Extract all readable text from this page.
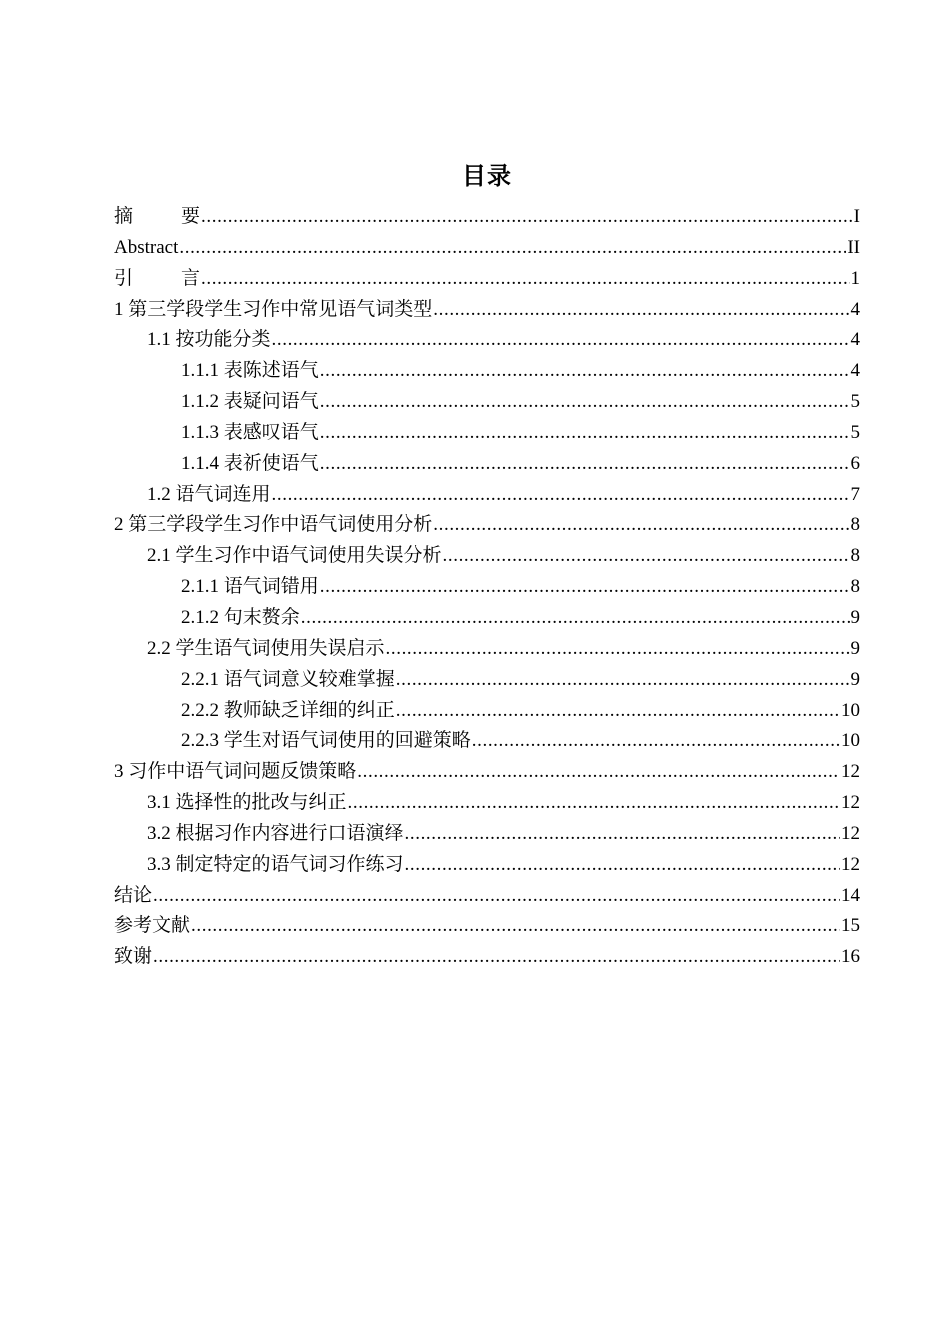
目录
摘	要 .....	I
Abstract .....	II
引	言 .....	1
1 第三学段学生习作中常见语气词类型 .....	4
1.1 按功能分类 .....	4
1.1.1 表陈述语气 .....	4
1.1.2 表疑问语气 .....	5
1.1.3 表感叹语气 .....	5
1.1.4 表祈使语气 .....	6
1.2 语气词连用 .....	7
2 第三学段学生习作中语气词使用分析 .....	8
2.1 学生习作中语气词使用失误分析 .....	8
2.1.1 语气词错用 .....	8
2.1.2 句末赘余 .....	9
2.2 学生语气词使用失误启示 .....	9
2.2.1 语气词意义较难掌握 .....	9
2.2.2 教师缺乏详细的纠正 .....	10
2.2.3 学生对语气词使用的回避策略 .....	10
3 习作中语气词问题反馈策略 .....	12
3.1 选择性的批改与纠正 .....	12
3.2 根据习作内容进行口语演绎 .....	12
3.3 制定特定的语气词习作练习 .....	12
结论 .....	14
参考文献 .....	15
致谢 .....	16
